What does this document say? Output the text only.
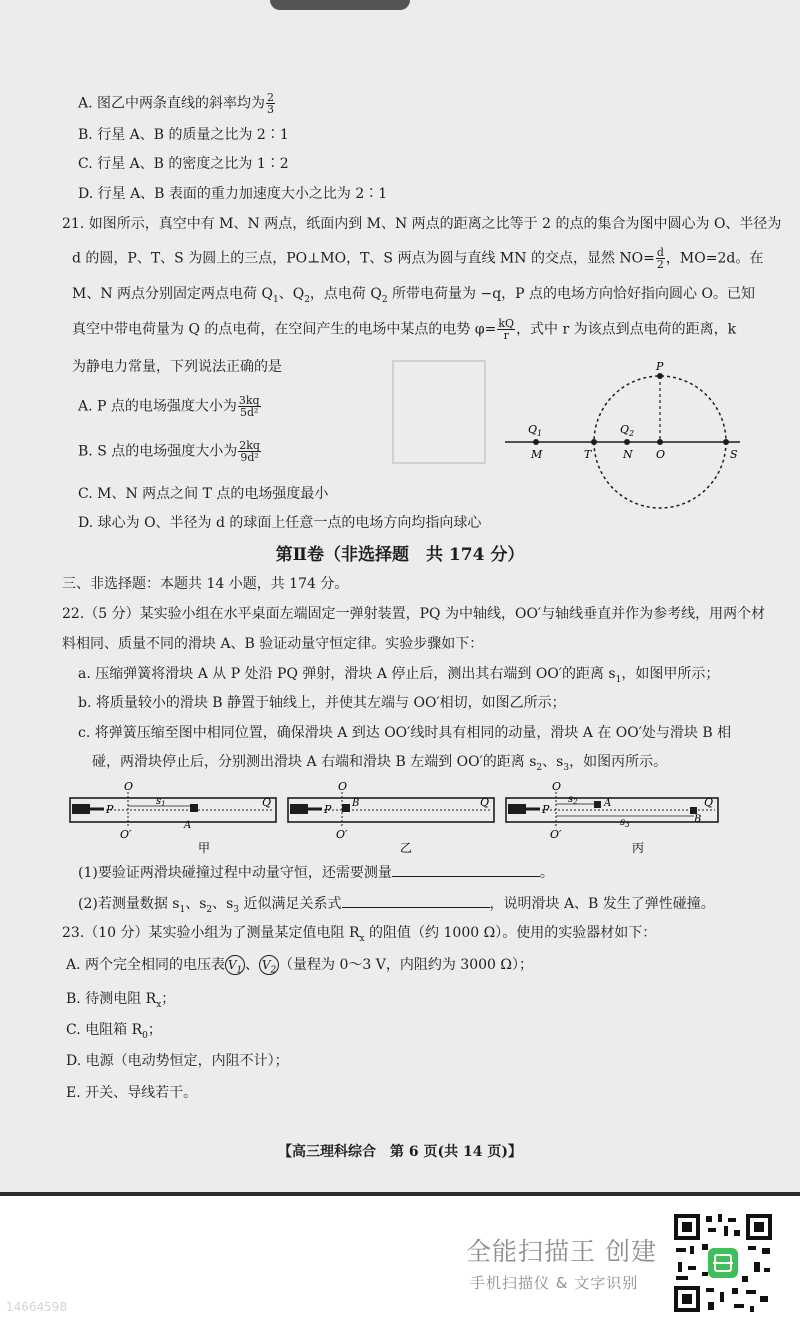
A. 图乙中两条直线的斜率均为 $\frac{2}{3}$
B. 行星 A、B 的质量之比为 2∶1
C. 行星 A、B 的密度之比为 1∶2
D. 行星 A、B 表面的重力加速度大小之比为 2∶1
21. 如图所示，真空中有 M、N 两点，纸面内到 M、N 两点的距离之比等于 2 的点的集合为图中圆心为 O、半径为
d 的圆，P、T、S 为圆上的三点，PO⊥MO，T、S 两点为圆与直线 MN 的交点，显然 $NO= \frac{d}{2}$ ，MO=2d。在
M、N 两点分别固定两点电荷 $Q_1$、$Q_2$，点电荷 $Q_2$ 所带电荷量为 −q，P 点的电场方向恰好指向圆心 O。已知
真空中带电荷量为 Q 的点电荷，在空间产生的电场中某点的电势 $\varphi= \frac{kQ}{r}$ ，式中 r 为该点到点电荷的距离，k
为静电力常量，下列说法正确的是
A. P 点的电场强度大小为 $\frac{3kq}{\text{5d²}}$
B. S 点的电场强度大小为 $\frac{2kq}{\text{9d²}}$
C. M、N 两点之间 T 点的电场强度最小
D. 球心为 O、半径为 d 的球面上任意一点的电场方向均指向球心
P
$Q_1$	$Q_2$
M	T	N O	S
第Ⅱ卷（非选择题　共 174 分）
三、非选择题：本题共 14 小题，共 174 分。
22.（5 分）某实验小组在水平桌面左端固定一弹射装置，PQ 为中轴线，OO′与轴线垂直并作为参考线，用两个材
料相同、质量不同的滑块 A、B 验证动量守恒定律。实验步骤如下：
a. 压缩弹簧将滑块 A 从 P 处沿 PQ 弹射，滑块 A 停止后，测出其右端到 OO′的距离 $s_1$，如图甲所示；
b. 将质量较小的滑块 B 静置于轴线上，并使其左端与 OO′相切，如图乙所示；
c. 将弹簧压缩至图中相同位置，确保滑块 A 到达 OO′线时具有相同的动量，滑块 A 在 OO′处与滑块 B 相
碰，两滑块停止后，分别测出滑块 A 右端和滑块 B 左端到 OO′的距离 $s_2$、$s_3$，如图丙所示。
P
O
O′
$s_1$
A
Q
甲
P
O
O′
B	Q
乙
P
O
O′
$s_2$	A
$s_3$	B
Q
丙
(1)要验证两滑块碰撞过程中动量守恒，还需要测量	。
(2)若测量数据 $s_1$、$s_2$、$s_3$ 近似满足关系式	，说明滑块 A、B 发生了弹性碰撞。
23.（10 分）某实验小组为了测量某定值电阻 $R_x$ 的阻值（约 1000 Ω）。使用的实验器材如下：
A. 两个完全相同的电压表 $V_1$ 、 $V_2$ （量程为 0～3 V，内阻约为 3000 Ω）；
B. 待测电阻 $R_x$；
C. 电阻箱 $R_0$；
D. 电源（电动势恒定，内阻不计）；
E. 开关、导线若干。
【高三理科综合　第 6 页(共 14 页)】
全能扫描王 创建
手机扫描仪 & 文字识别
14664598
